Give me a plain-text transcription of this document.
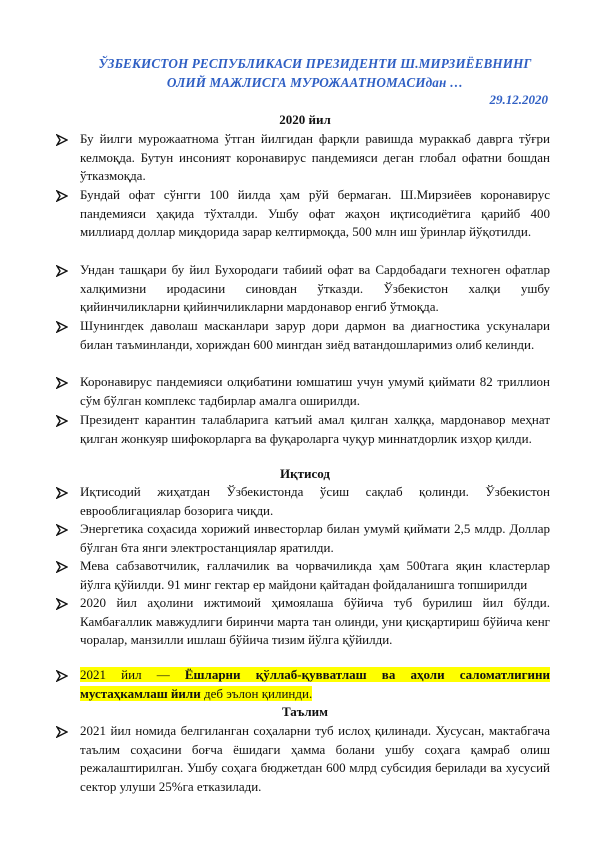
ЎЗБЕКИСТОН РЕСПУБЛИКАСИ ПРЕЗИДЕНТИ Ш.МИРЗИЁЕВНИНГ
ОЛИЙ МАЖЛИСГА МУРОЖААТНОМАСИдан …
29.12.2020
2020 йил
Бу йилги мурожаатнома ўтган йилгидан фарқли равишда мураккаб даврга тўғри келмоқда. Бутун инсоният коронавирус пандемияси деган глобал офатни бошдан ўтказмоқда.
Бундай офат сўнгги 100 йилда ҳам рўй бермаган. Ш.Мирзиёев коронавирус пандемияси ҳақида тўхталди. Ушбу офат жаҳон иқтисодиётига қарийб 400 миллиард доллар миқдорида зарар келтирмоқда, 500 млн иш ўринлар йўқотилди.
Ундан ташқари бу йил Бухородаги табиий офат ва Сардобадаги техноген офатлар халқимизни иродасини синовдан ўтказди. Ўзбекистон халқи ушбу қийинчиликларни қийинчиликларни мардонавор енгиб ўтмоқда.
Шунингдек даволаш масканлари зарур дори дармон ва диагностика ускуналари билан таъминланди, хориждан 600 мингдан зиёд ватандошларимиз олиб келинди.
Коронавирус пандемияси олқибатини юмшатиш учун умумй қиймати 82 триллион сўм бўлган комплекс тадбирлар амалга оширилди.
Президент карантин талабларига катъий амал қилган халққа, мардонавор меҳнат қилган жонкуяр шифокорларга ва фуқароларга чуқур миннатдорлик изҳор қилди.
Иқтисод
Иқтисодий жиҳатдан Ўзбекистонда ўсиш сақлаб қолинди. Ўзбекистон еврооблигациялар бозорига чиқди.
Энергетика соҳасида хорижий инвесторлар билан умумй қиймати 2,5 млдр. Доллар бўлган 6та янги электростанциялар яратилди.
Мева сабзавотчилик, ғаллачилик ва чорвачиликда ҳам 500тага яқин кластерлар йўлга қўйилди. 91 минг гектар ер майдони қайтадан фойдаланишга топширилди
2020 йил аҳолини ижтимоий ҳимоялаша бўйича туб бурилиш йил бўлди. Камбағаллик мавжудлиги биринчи марта тан олинди, уни қисқартириш бўйича кенг чоралар, манзилли ишлаш бўйича тизим йўлга қўйилди.
2021 йил — Ёшларни қўллаб-қувватлаш ва аҳоли саломатлигини мустаҳкамлаш йили деб эълон қилинди.
Таълим
2021 йил номида белгиланган соҳаларни туб ислоҳ қилинади. Хусусан, мактабгача таълим соҳасини боғча ёшидаги ҳамма болани ушбу соҳага қамраб олиш режалаштирилган. Ушбу соҳага бюджетдан 600 млрд субсидия берилади ва хусусий сектор улуши 25%га етказилади.
